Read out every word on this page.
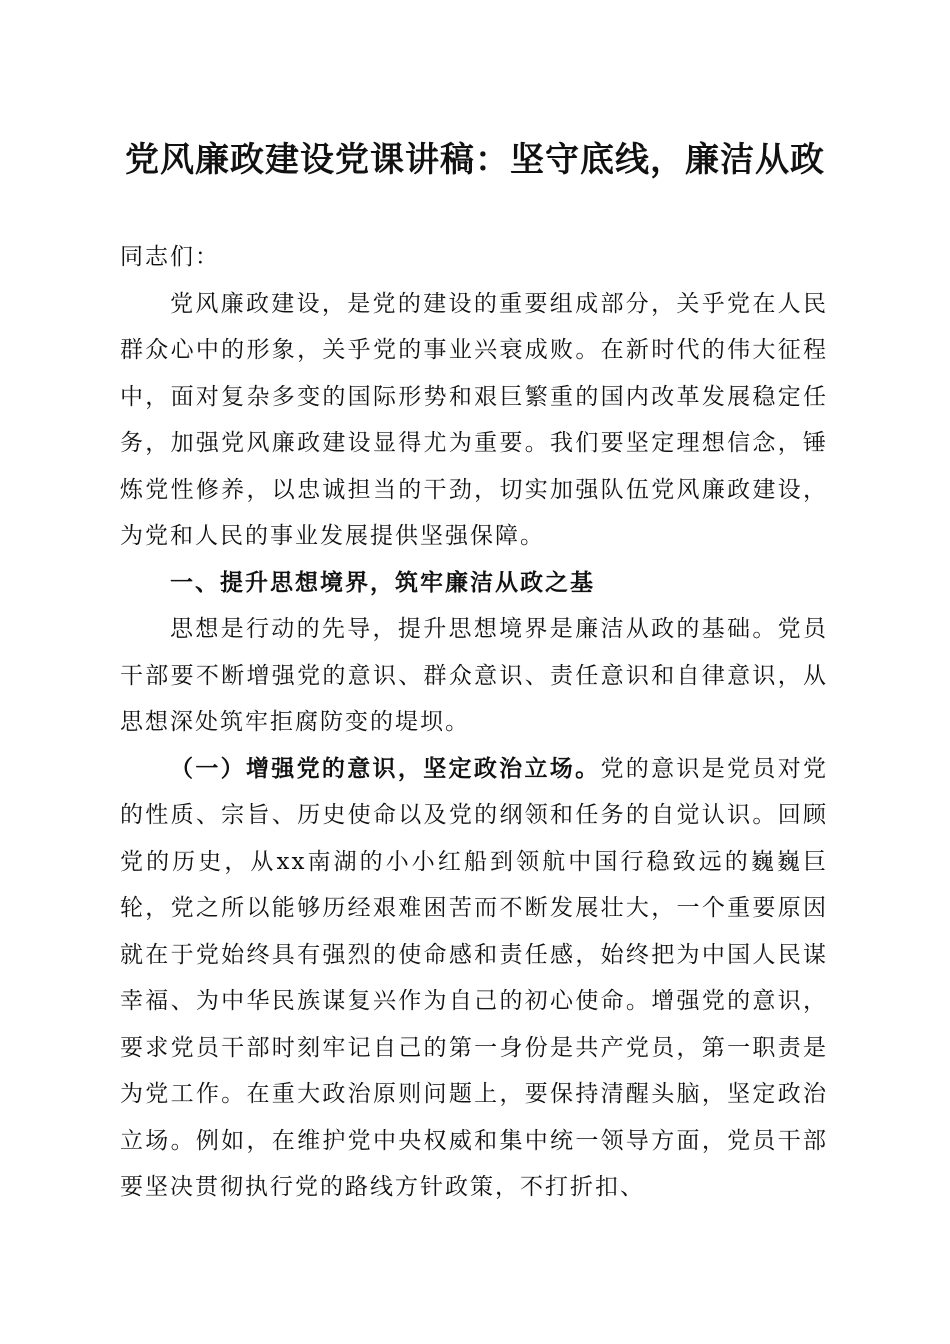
党风廉政建设党课讲稿：坚守底线，廉洁从政

同志们：

党风廉政建设，是党的建设的重要组成部分，关乎党在人民群众心中的形象，关乎党的事业兴衰成败。在新时代的伟大征程中，面对复杂多变的国际形势和艰巨繁重的国内改革发展稳定任务，加强党风廉政建设显得尤为重要。我们要坚定理想信念，锤炼党性修养，以忠诚担当的干劲，切实加强队伍党风廉政建设，为党和人民的事业发展提供坚强保障。

一、提升思想境界，筑牢廉洁从政之基

思想是行动的先导，提升思想境界是廉洁从政的基础。党员干部要不断增强党的意识、群众意识、责任意识和自律意识，从思想深处筑牢拒腐防变的堤坝。

（一）增强党的意识，坚定政治立场。党的意识是党员对党的性质、宗旨、历史使命以及党的纲领和任务的自觉认识。回顾党的历史，从xx南湖的小小红船到领航中国行稳致远的巍巍巨轮，党之所以能够历经艰难困苦而不断发展壮大，一个重要原因就在于党始终具有强烈的使命感和责任感，始终把为中国人民谋幸福、为中华民族谋复兴作为自己的初心使命。增强党的意识，要求党员干部时刻牢记自己的第一身份是共产党员，第一职责是为党工作。在重大政治原则问题上，要保持清醒头脑，坚定政治立场。例如，在维护党中央权威和集中统一领导方面，党员干部要坚决贯彻执行党的路线方针政策，不打折扣、
